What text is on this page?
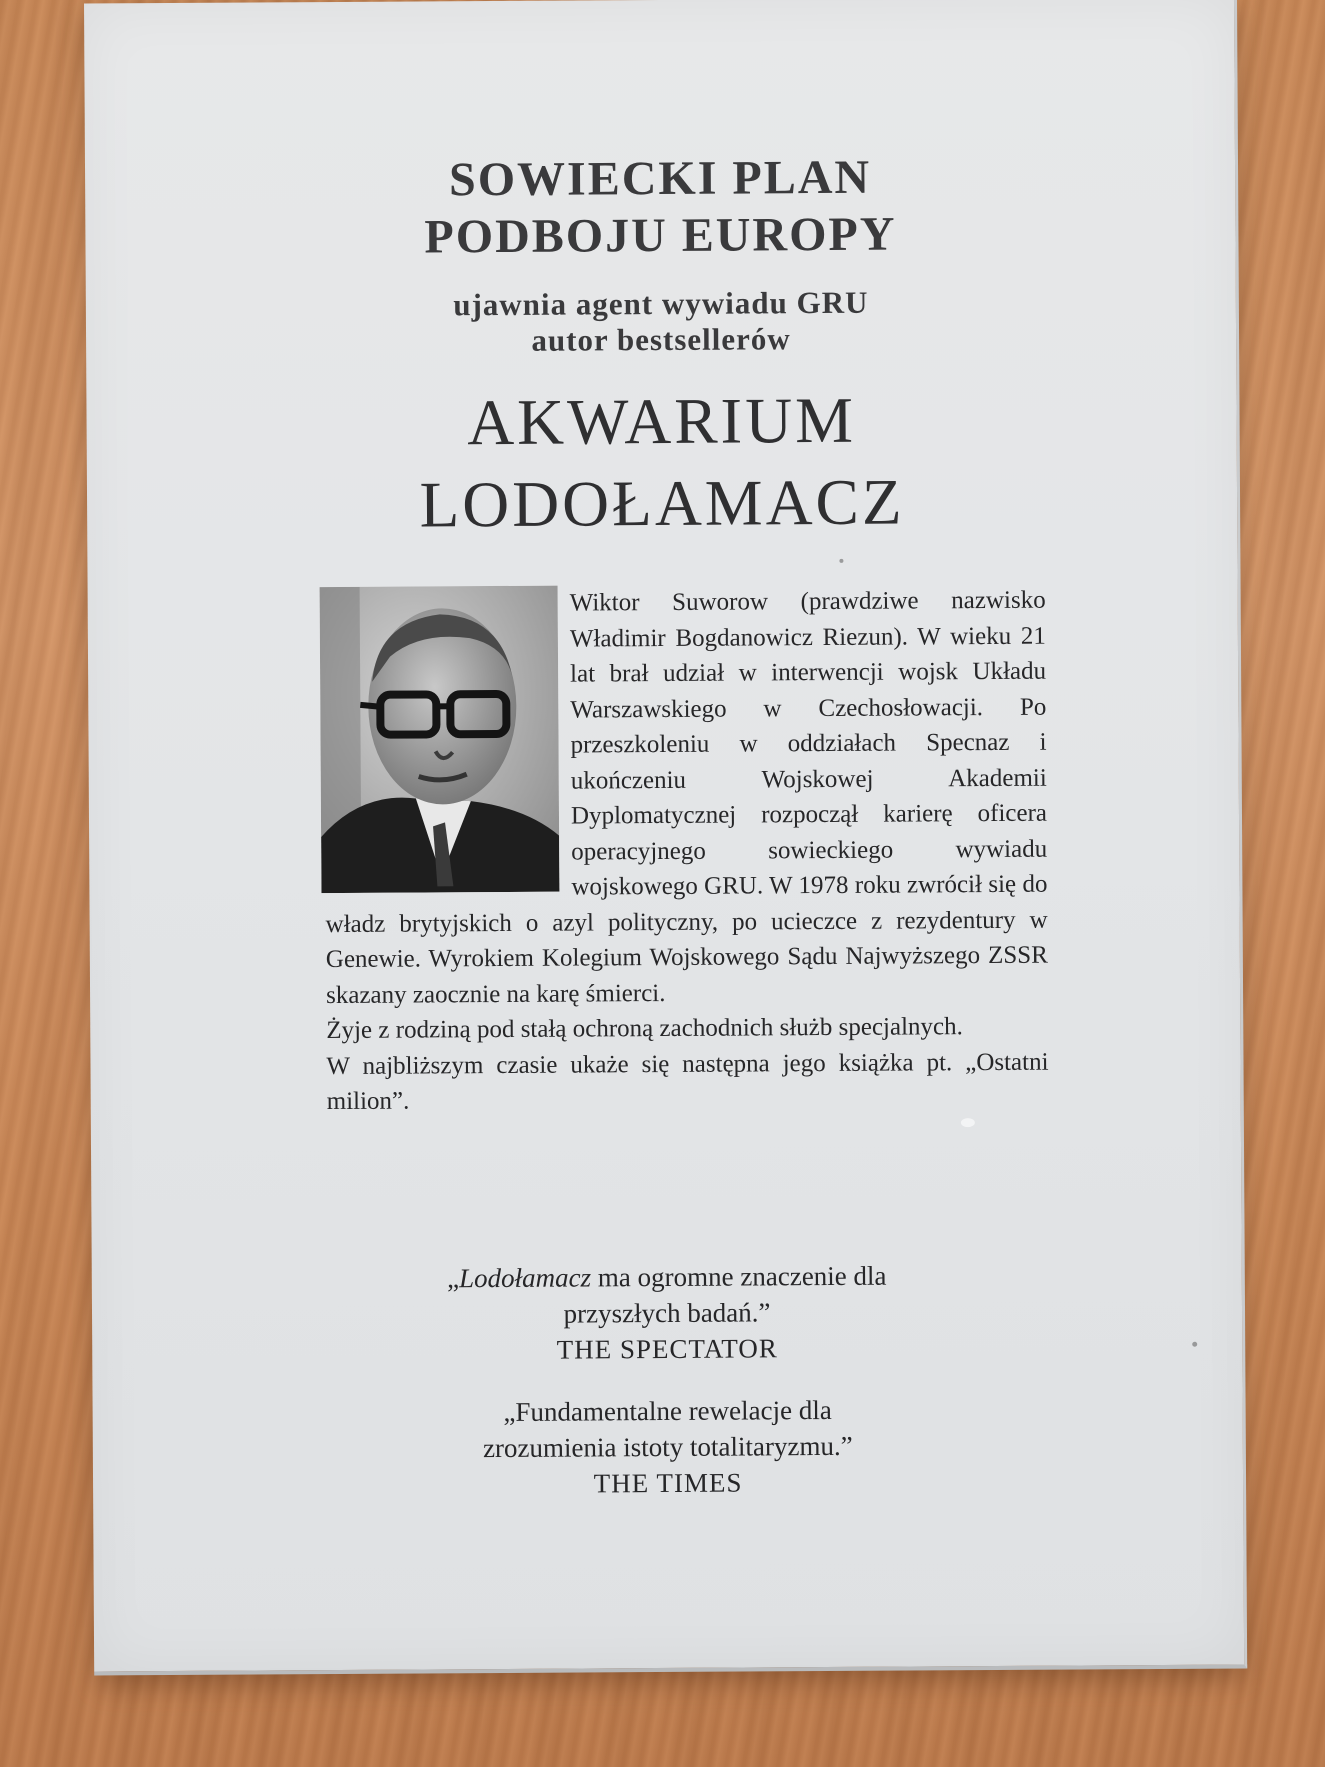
SOWIECKI PLAN
PODBOJU EUROPY
ujawnia agent wywiadu GRU
autor bestsellerów
AKWARIUM
LODOŁAMACZ

Wiktor Suworow (prawdziwe nazwisko Władimir Bogdanowicz Riezun). W wieku 21 lat brał udział w interwencji wojsk Układu Warszawskiego w Czechosłowacji. Po przeszkoleniu w oddziałach Specnaz i ukończeniu Wojskowej Akademii Dyplomatycznej rozpoczął karierę oficera operacyjnego sowieckiego wywiadu wojskowego GRU. W 1978 roku zwrócił się do władz brytyjskich o azyl polityczny, po ucieczce z rezydentury w Genewie. Wyrokiem Kolegium Wojskowego Sądu Najwyższego ZSSR skazany zaocznie na karę śmierci.

Żyje z rodziną pod stałą ochroną zachodnich służb specjalnych.

W najbliższym czasie ukaże się następna jego książka pt. „Ostatni milion”.

„Lodołamacz ma ogromne znaczenie dla
przyszłych badań.”
THE SPECTATOR
„Fundamentalne rewelacje dla
zrozumienia istoty totalitaryzmu.”
THE TIMES
